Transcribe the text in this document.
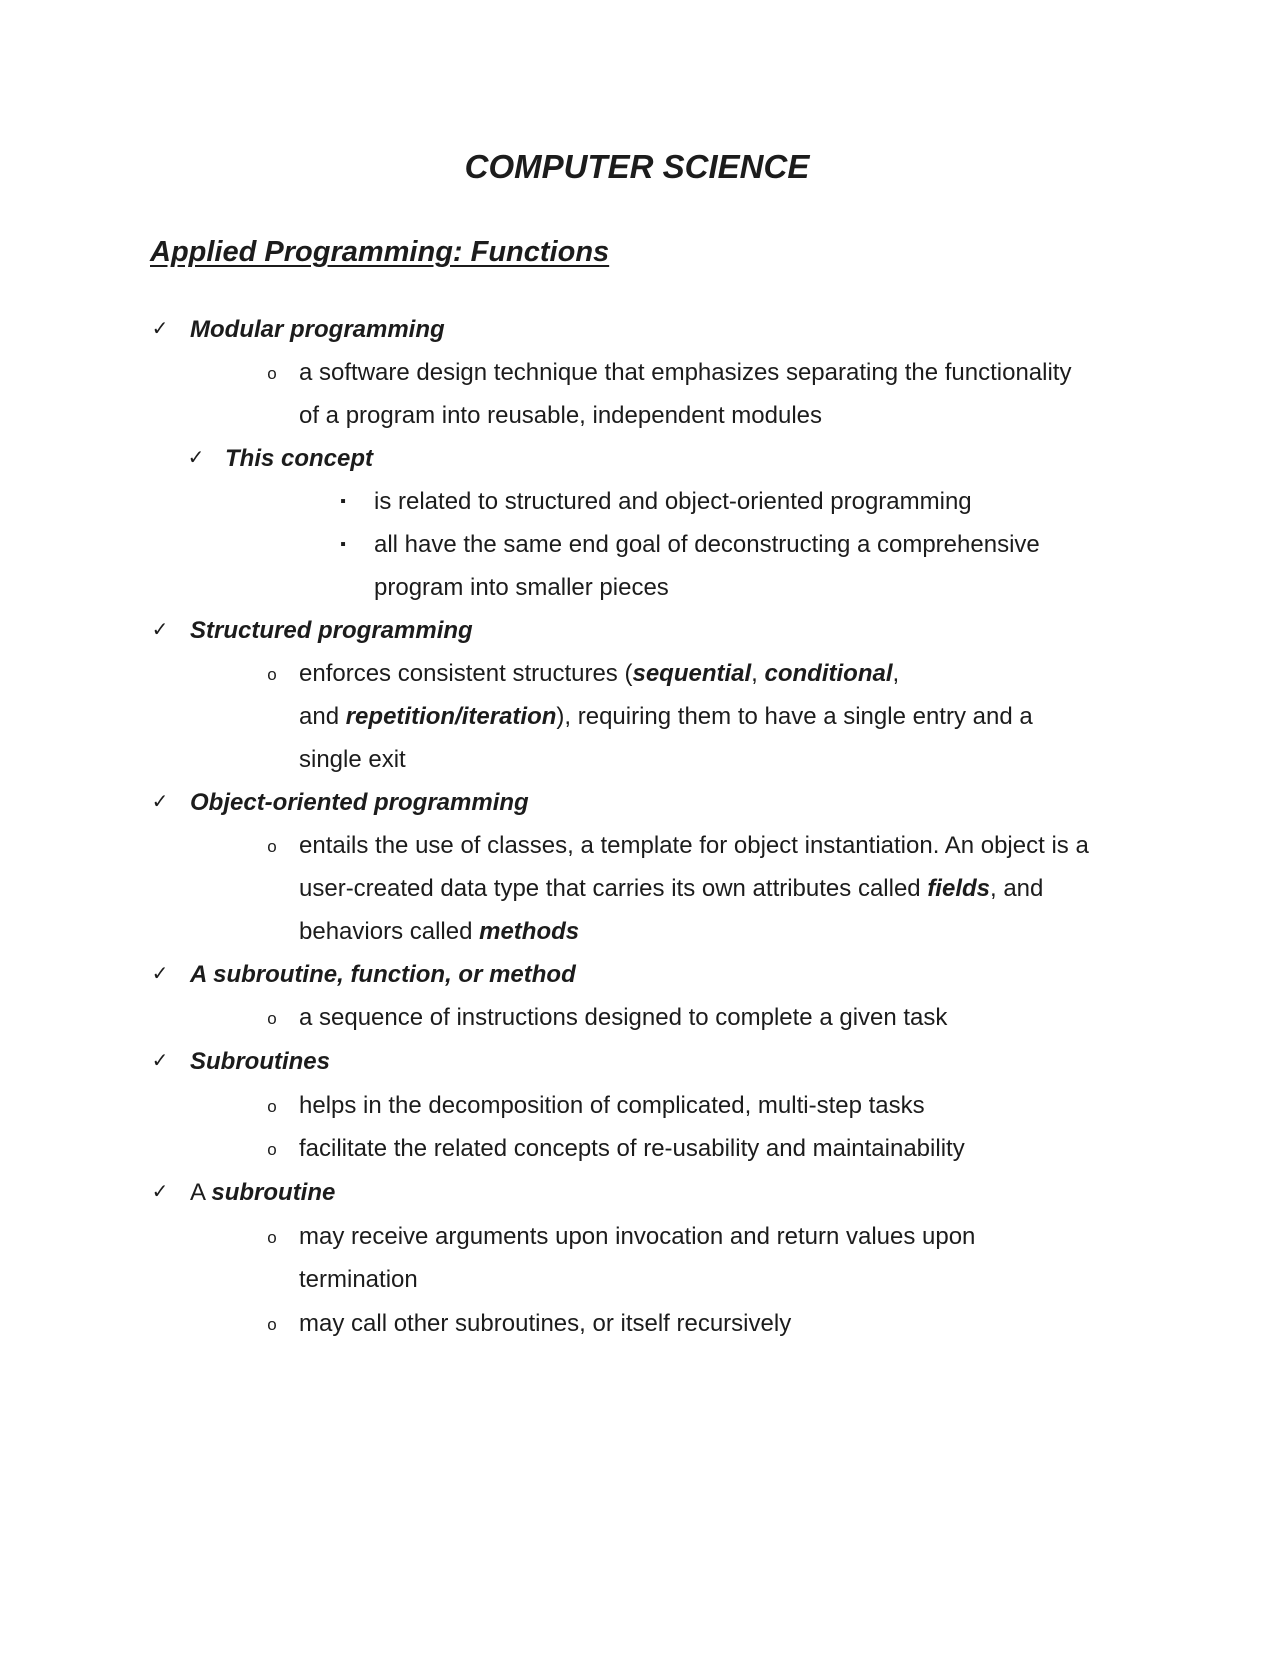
COMPUTER SCIENCE
Applied Programming: Functions
✓ Modular programming
o a software design technique that emphasizes separating the functionality
of a program into reusable, independent modules
✓ This concept
▪ is related to structured and object-oriented programming
▪ all have the same end goal of deconstructing a comprehensive
program into smaller pieces
✓ Structured programming
o enforces consistent structures (sequential, conditional,
and repetition/iteration), requiring them to have a single entry and a
single exit
✓ Object-oriented programming
o entails the use of classes, a template for object instantiation. An object is a
user-created data type that carries its own attributes called fields, and
behaviors called methods
✓ A subroutine, function, or method
o a sequence of instructions designed to complete a given task
✓ Subroutines
o helps in the decomposition of complicated, multi-step tasks
o facilitate the related concepts of re-usability and maintainability
✓ A subroutine
o may receive arguments upon invocation and return values upon
termination
o may call other subroutines, or itself recursively
